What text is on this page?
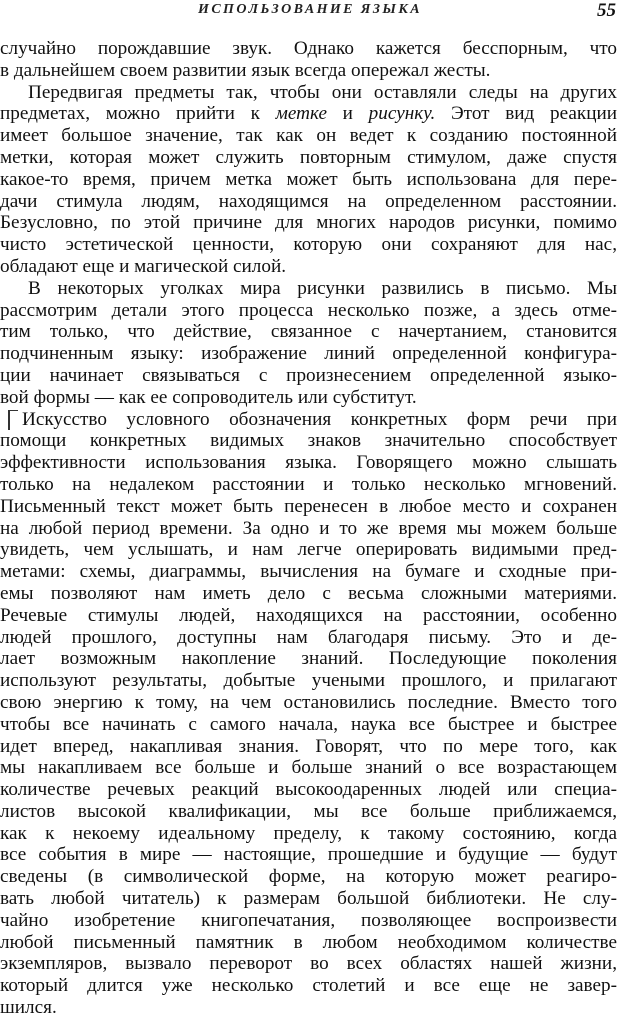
ИСПОЛЬЗОВАНИЕ ЯЗЫКА	55
случайно порождавшие звук. Однако кажется бесспорным, что
в дальнейшем своем развитии язык всегда опережал жесты.
Передвигая предметы так, чтобы они оставляли следы на других
предметах, можно прийти к метке и рисунку. Этот вид реакции
имеет большое значение, так как он ведет к созданию постоянной
метки, которая может служить повторным стимулом, даже спустя
какое-то время, причем метка может быть использована для пере-
дачи стимула людям, находящимся на определенном расстоянии.
Безусловно, по этой причине для многих народов рисунки, помимо
чисто эстетической ценности, которую они сохраняют для нас,
обладают еще и магической силой.
В некоторых уголках мира рисунки развились в письмо. Мы
рассмотрим детали этого процесса несколько позже, а здесь отме-
тим только, что действие, связанное с начертанием, становится
подчиненным языку: изображение линий определенной конфигура-
ции начинает связываться с произнесением определенной языко-
вой формы — как ее сопроводитель или субститут.
Искусство условного обозначения конкретных форм речи при
помощи конкретных видимых знаков значительно способствует
эффективности использования языка. Говорящего можно слышать
только на недалеком расстоянии и только несколько мгновений.
Письменный текст может быть перенесен в любое место и сохранен
на любой период времени. За одно и то же время мы можем больше
увидеть, чем услышать, и нам легче оперировать видимыми пред-
метами: схемы, диаграммы, вычисления на бумаге и сходные при-
емы позволяют нам иметь дело с весьма сложными материями.
Речевые стимулы людей, находящихся на расстоянии, особенно
людей прошлого, доступны нам благодаря письму. Это и де-
лает возможным накопление знаний. Последующие поколения
используют результаты, добытые учеными прошлого, и прилагают
свою энергию к тому, на чем остановились последние. Вместо того
чтобы все начинать с самого начала, наука все быстрее и быстрее
идет вперед, накапливая знания. Говорят, что по мере того, как
мы накапливаем все больше и больше знаний о все возрастающем
количестве речевых реакций высокоодаренных людей или специа-
листов высокой квалификации, мы все больше приближаемся,
как к некоему идеальному пределу, к такому состоянию, когда
все события в мире — настоящие, прошедшие и будущие — будут
сведены (в символической форме, на которую может реагиро-
вать любой читатель) к размерам большой библиотеки. Не слу-
чайно изобретение книгопечатания, позволяющее воспроизвести
любой письменный памятник в любом необходимом количестве
экземпляров, вызвало переворот во всех областях нашей жизни,
который длится уже несколько столетий и все еще не завер-
шился.
